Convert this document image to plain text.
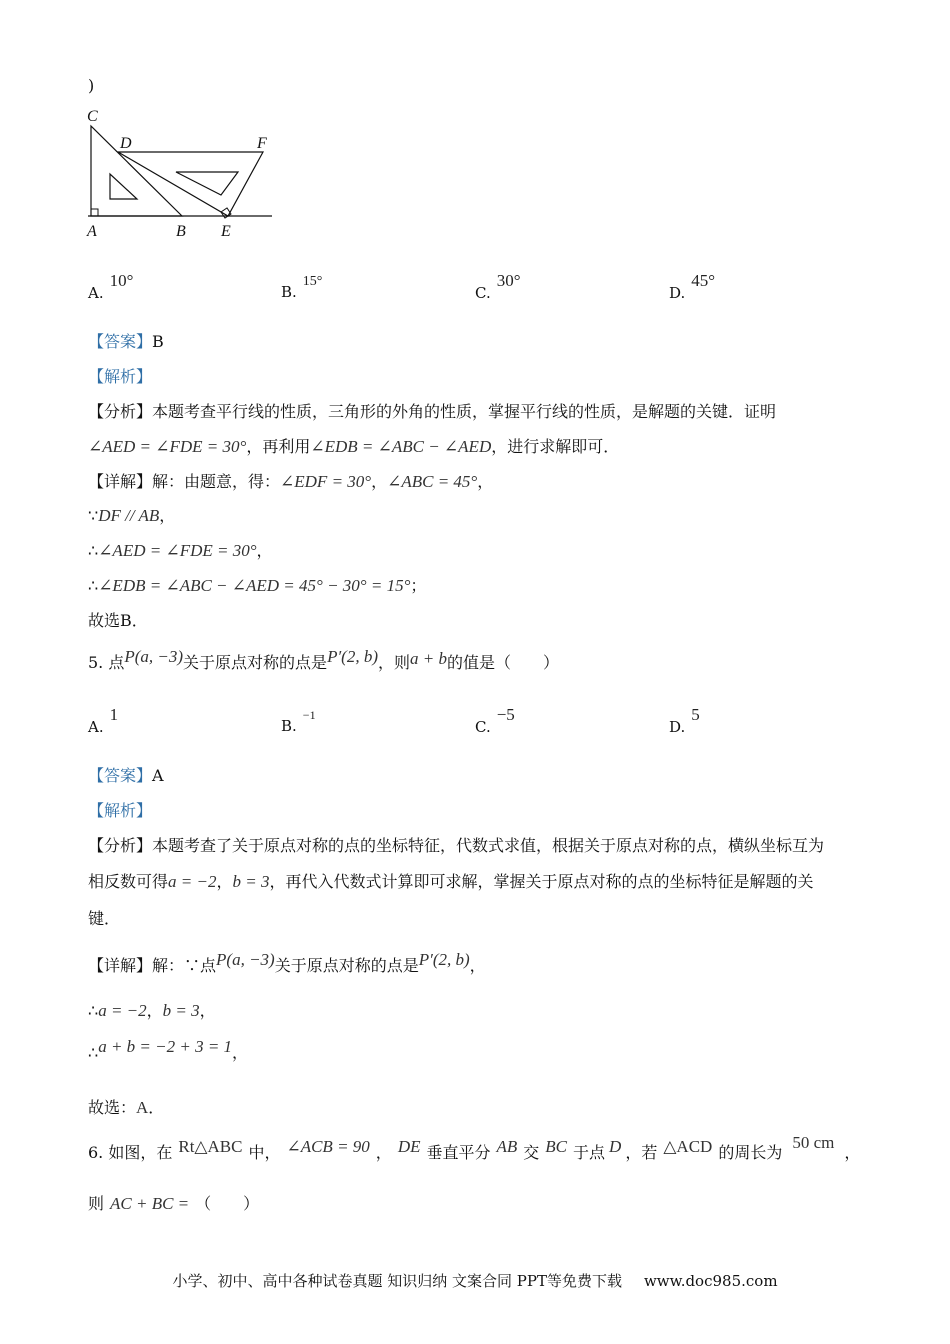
)
C
D	F
A	B E
A.10°
B.15°
C.30°
D.45°
【答案】B
【解析】
【分析】本题考查平行线的性质，三角形的外角的性质，掌握平行线的性质，是解题的关键．证明
∠AED = ∠FDE = 30°，再利用∠EDB = ∠ABC − ∠AED，进行求解即可．
【详解】解：由题意，得：∠EDF = 30°，∠ABC = 45°，
∵DF // AB，
∴∠AED = ∠FDE = 30°，
∴∠EDB = ∠ABC − ∠AED = 45° − 30° = 15°；
故选B．
5. 点P(a, −3)关于原点对称的点是P′(2, b)，则a + b的值是（　　）
A.1
B.$^{-1}$
C.−5
D.5
【答案】A
【解析】
【分析】本题考查了关于原点对称的点的坐标特征，代数式求值，根据关于原点对称的点，横纵坐标互为
相反数可得a = −2，b = 3，再代入代数式计算即可求解，掌握关于原点对称的点的坐标特征是解题的关
键．
【详解】解：∵点P(a, −3)关于原点对称的点是P′(2, b)，
∴a = −2，b = 3，
∴a + b = −2 + 3 = 1，
故选：A．
6. 如图，在 Rt△ABC 中， ∠ACB = 90 ， DE 垂直平分 AB 交 BC 于点 D ，若 △ACD 的周长为50 cm，
则 AC + BC = （　　）
小学、初中、高中各种试卷真题 知识归纳 文案合同 PPT等免费下载 www.doc985.com
